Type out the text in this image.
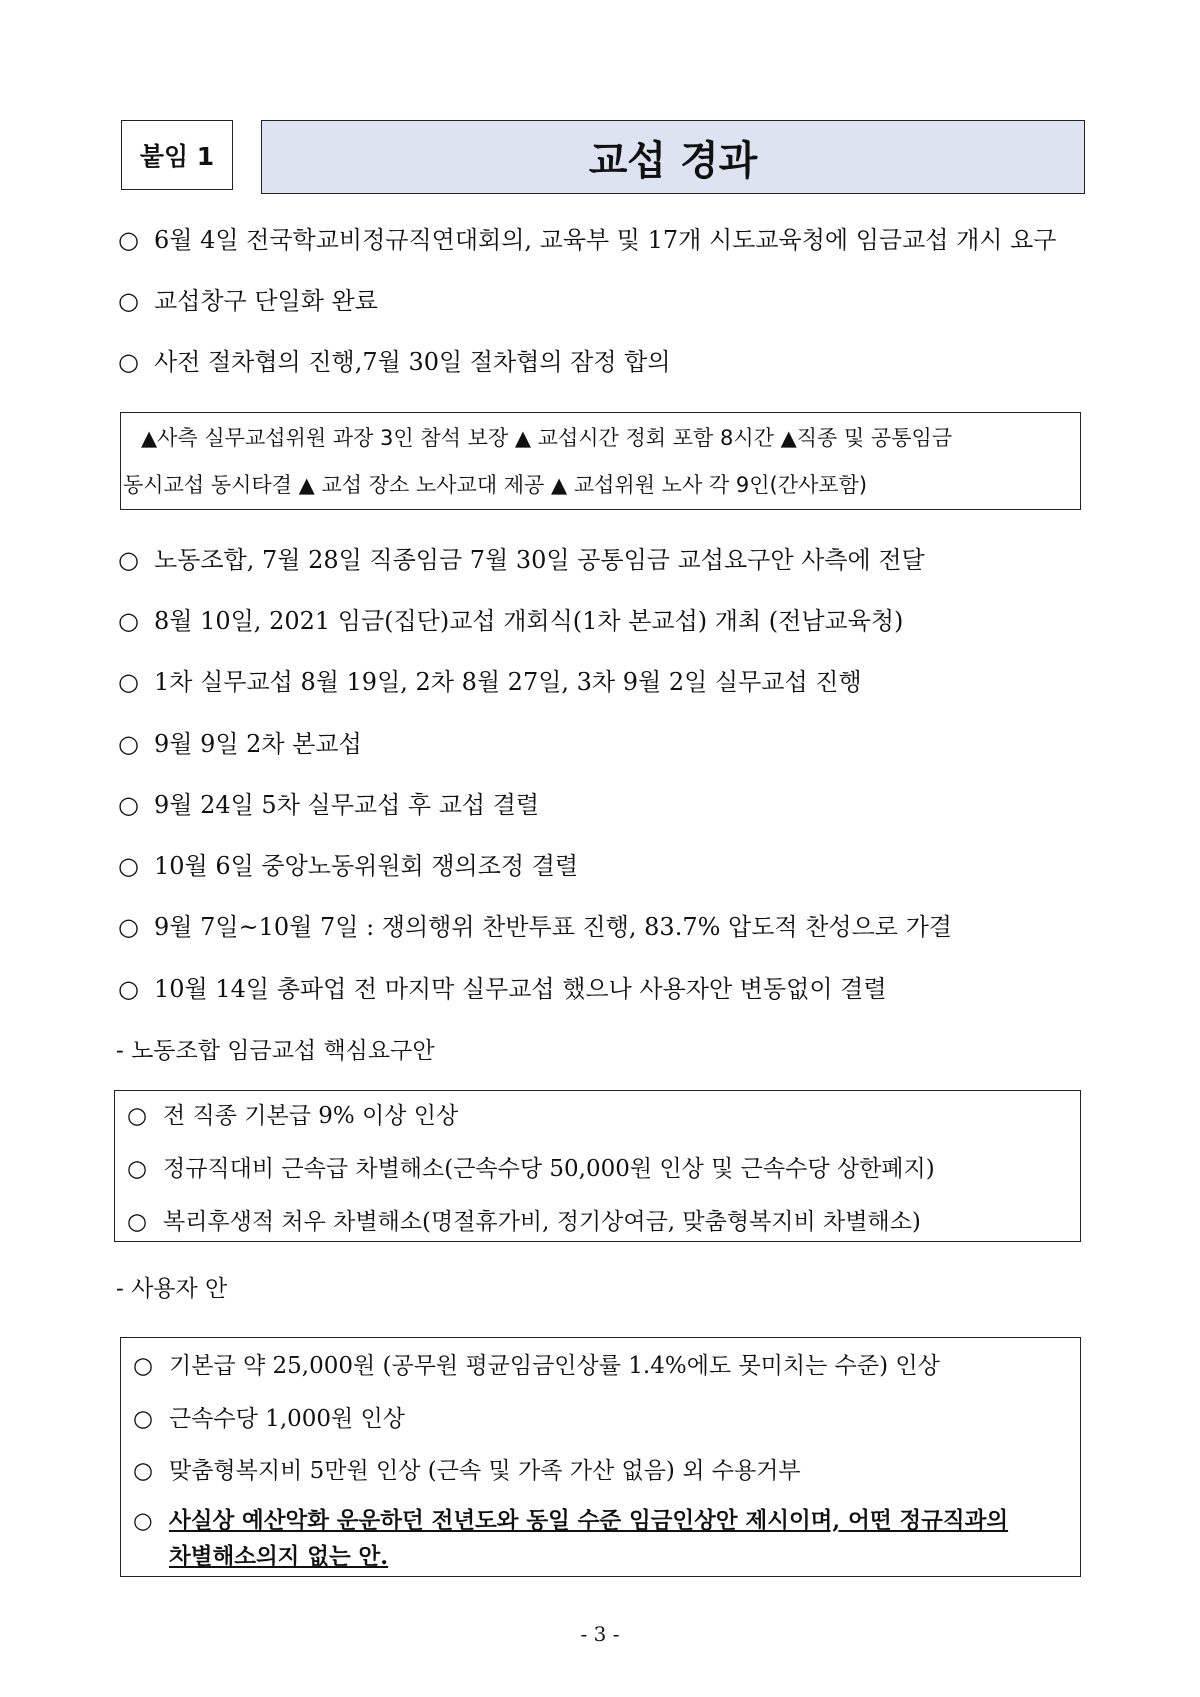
붙임 1	교섭 경과
○ 6월 4일 전국학교비정규직연대회의, 교육부 및 17개 시도교육청에 임금교섭 개시 요구
○ 교섭창구 단일화 완료
○ 사전 절차협의 진행,7월 30일 절차협의 잠정 합의
▲사측 실무교섭위원 과장 3인 참석 보장 ▲ 교섭시간 정회 포함 8시간 ▲직종 및 공통임금
동시교섭 동시타결 ▲ 교섭 장소 노사교대 제공 ▲ 교섭위원 노사 각 9인(간사포함)
○ 노동조합, 7월 28일 직종임금 7월 30일 공통임금 교섭요구안 사측에 전달
○ 8월 10일, 2021 임금(집단)교섭 개회식(1차 본교섭) 개최 (전남교육청)
○ 1차 실무교섭 8월 19일, 2차 8월 27일, 3차 9월 2일 실무교섭 진행
○ 9월 9일 2차 본교섭
○ 9월 24일 5차 실무교섭 후 교섭 결렬
○ 10월 6일 중앙노동위원회 쟁의조정 결렬
○ 9월 7일~10월 7일 : 쟁의행위 찬반투표 진행, 83.7% 압도적 찬성으로 가결
○ 10월 14일 총파업 전 마지막 실무교섭 했으나 사용자안 변동없이 결렬
- 노동조합 임금교섭 핵심요구안
○ 전 직종 기본급 9% 이상 인상
○ 정규직대비 근속급 차별해소(근속수당 50,000원 인상 및 근속수당 상한폐지)
○ 복리후생적 처우 차별해소(명절휴가비, 정기상여금, 맞춤형복지비 차별해소)
- 사용자 안
○ 기본급 약 25,000원 (공무원 평균임금인상률 1.4%에도 못미치는 수준) 인상
○ 근속수당 1,000원 인상
○ 맞춤형복지비 5만원 인상 (근속 및 가족 가산 없음) 외 수용거부
○ 사실상 예산악화 운운하던 전년도와 동일 수준 임금인상안 제시이며, 어떤 정규직과의
차별해소의지 없는 안.
- 3 -
